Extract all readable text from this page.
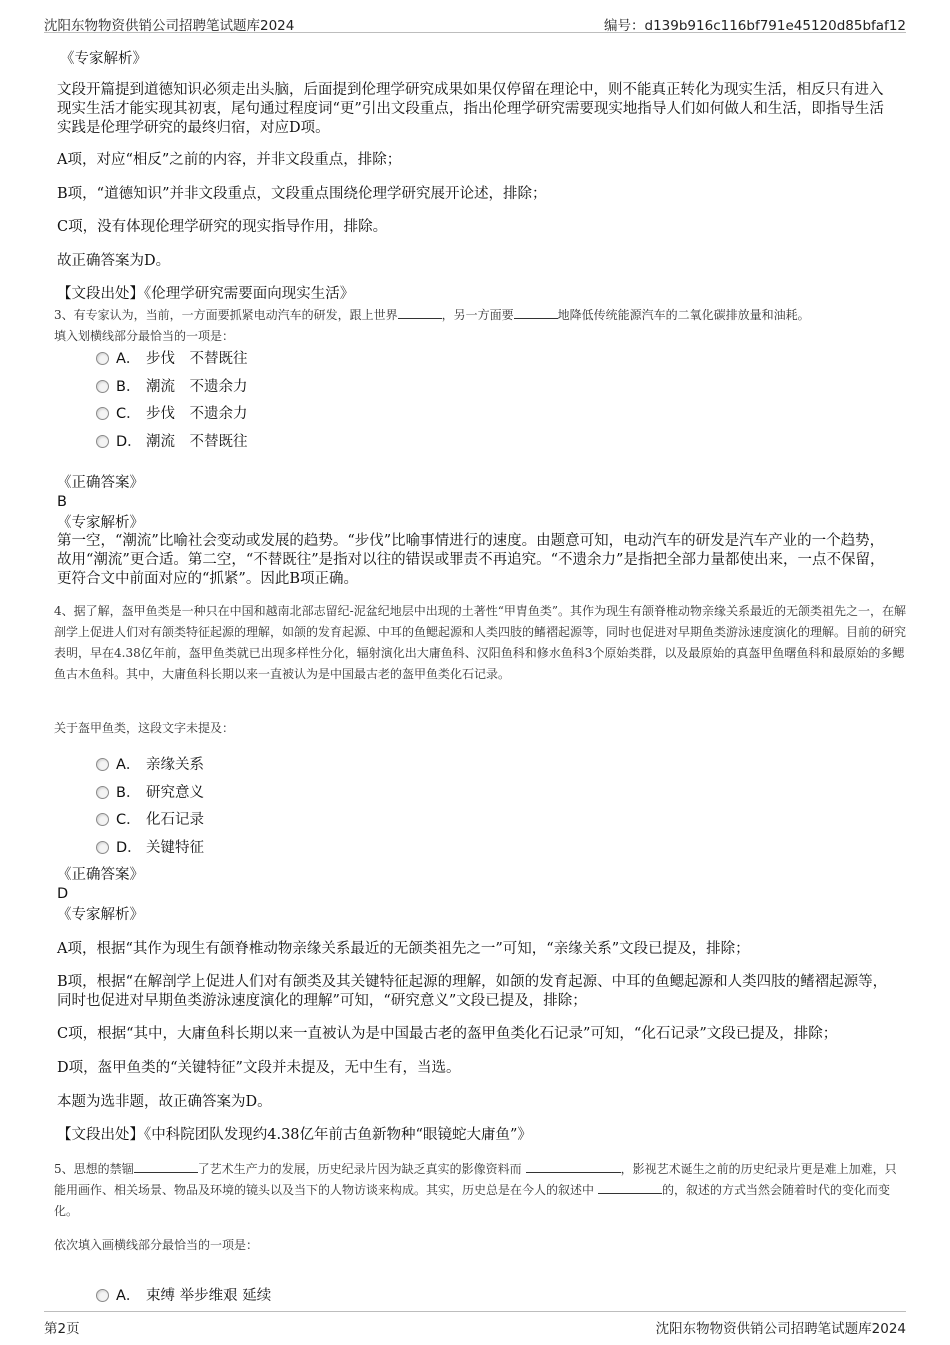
沈阳东物物资供销公司招聘笔试题库2024	编号：d139b916c116bf791e45120d85bfaf12
《专家解析》
文段开篇提到道德知识必须走出头脑，后面提到伦理学研究成果如果仅停留在理论中，则不能真正转化为现实生活，相反只有进入现实生活才能实现其初衷，尾句通过程度词“更”引出文段重点，指出伦理学研究需要现实地指导人们如何做人和生活，即指导生活实践是伦理学研究的最终归宿，对应D项。
A项，对应“相反”之前的内容，并非文段重点，排除；
B项，“道德知识”并非文段重点，文段重点围绕伦理学研究展开论述，排除；
C项，没有体现伦理学研究的现实指导作用，排除。
故正确答案为D。
【文段出处】《伦理学研究需要面向现实生活》
3、有专家认为，当前，一方面要抓紧电动汽车的研发，跟上世界	，另一方面要	地降低传统能源汽车的二氧化碳排放量和油耗。
填入划横线部分最恰当的一项是：
A． 步伐　不替既往
B． 潮流　不遗余力
C． 步伐　不遗余力
D． 潮流　不替既往
《正确答案》
B
《专家解析》
第一空，“潮流”比喻社会变动或发展的趋势。“步伐”比喻事情进行的速度。由题意可知，电动汽车的研发是汽车产业的一个趋势，故用“潮流”更合适。第二空，“不替既往”是指对以往的错误或罪责不再追究。“不遗余力”是指把全部力量都使出来，一点不保留，更符合文中前面对应的“抓紧”。因此B项正确。
4、据了解，盔甲鱼类是一种只在中国和越南北部志留纪-泥盆纪地层中出现的土著性“甲胄鱼类”。其作为现生有颌脊椎动物亲缘关系最近的无颌类祖先之一，在解剖学上促进人们对有颌类特征起源的理解，如颌的发育起源、中耳的鱼鳃起源和人类四肢的鳍褶起源等，同时也促进对早期鱼类游泳速度演化的理解。目前的研究表明，早在4.38亿年前，盔甲鱼类就已出现多样性分化，辐射演化出大庸鱼科、汉阳鱼科和修水鱼科3个原始类群，以及最原始的真盔甲鱼曙鱼科和最原始的多鳃鱼古木鱼科。其中，大庸鱼科长期以来一直被认为是中国最古老的盔甲鱼类化石记录。
关于盔甲鱼类，这段文字未提及：
A． 亲缘关系
B． 研究意义
C． 化石记录
D． 关键特征
《正确答案》
D
《专家解析》
A项，根据“其作为现生有颌脊椎动物亲缘关系最近的无颌类祖先之一”可知，“亲缘关系”文段已提及，排除；
B项，根据“在解剖学上促进人们对有颌类及其关键特征起源的理解，如颌的发育起源、中耳的鱼鳃起源和人类四肢的鳍褶起源等，同时也促进对早期鱼类游泳速度演化的理解”可知，“研究意义”文段已提及，排除；
C项，根据“其中，大庸鱼科长期以来一直被认为是中国最古老的盔甲鱼类化石记录”可知，“化石记录”文段已提及，排除；
D项，盔甲鱼类的“关键特征”文段并未提及，无中生有，当选。
本题为选非题，故正确答案为D。
【文段出处】《中科院团队发现约4.38亿年前古鱼新物种“眼镜蛇大庸鱼”》
5、思想的禁锢	了艺术生产力的发展，历史纪录片因为缺乏真实的影像资料而	，影视艺术诞生之前的历史纪录片更是难上加难，只能用画作、相关场景、物品及环境的镜头以及当下的人物访谈来构成。其实，历史总是在今人的叙述中	的，叙述的方式当然会随着时代的变化而变化。
依次填入画横线部分最恰当的一项是：
A． 束缚 举步维艰 延续
第2页	沈阳东物物资供销公司招聘笔试题库2024
